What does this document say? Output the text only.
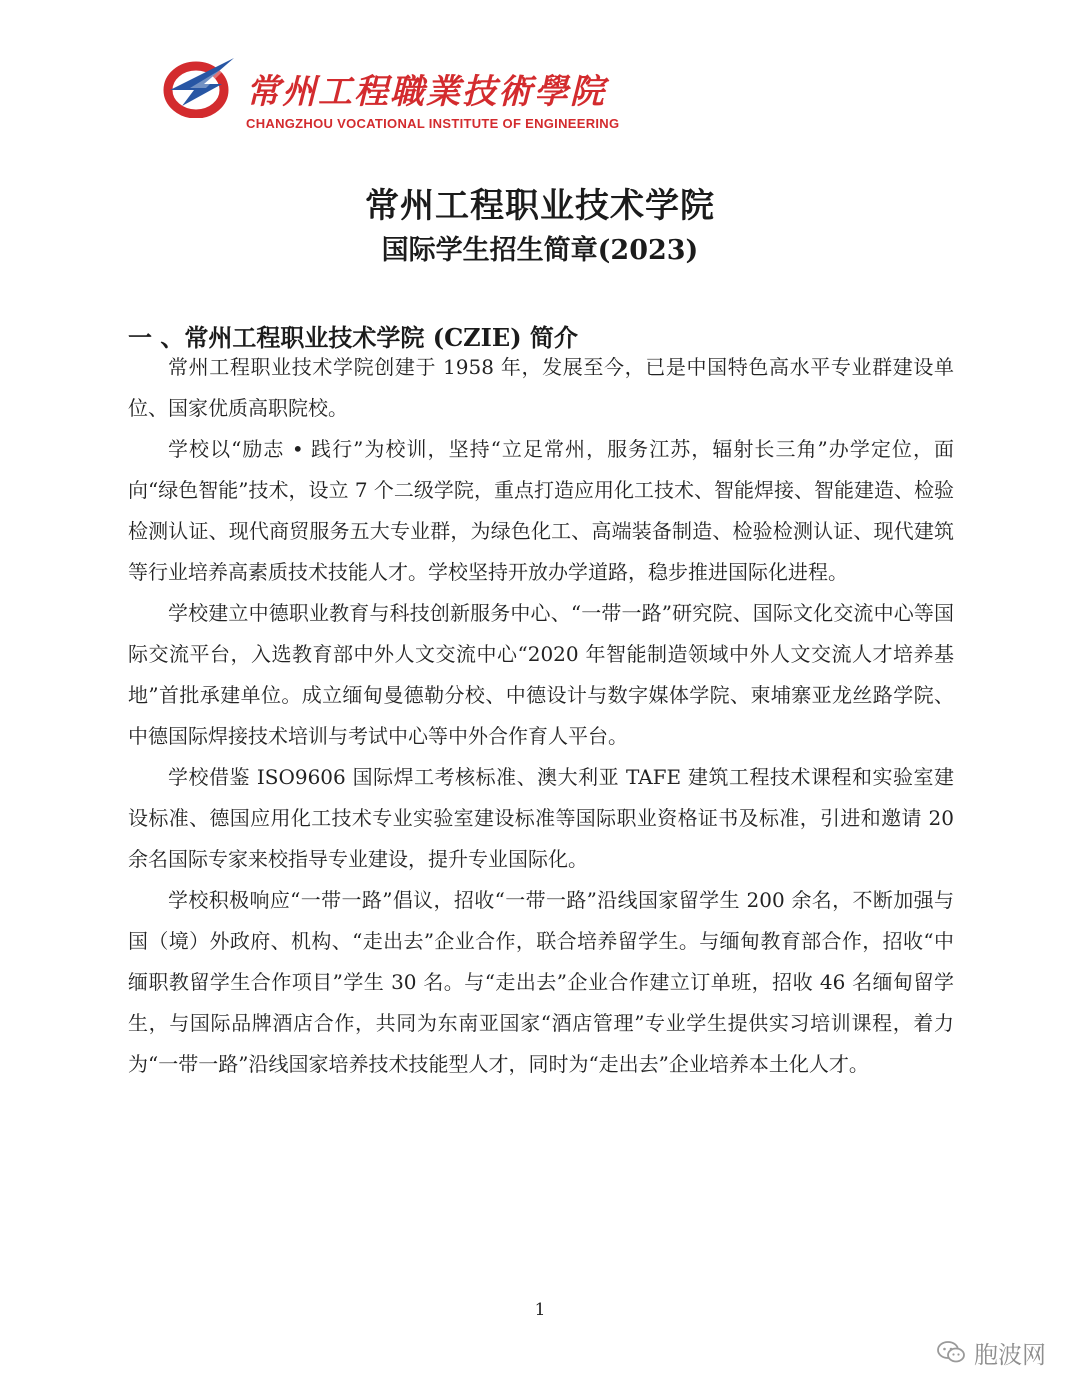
常州工程職業技術學院
CHANGZHOU VOCATIONAL INSTITUTE OF ENGINEERING
常州工程职业技术学院
国际学生招生简章(2023)
一 、常州工程职业技术学院 (CZIE) 简介

常州工程职业技术学院创建于 1958 年，发展至今，已是中国特色高水平专业群建设单位、国家优质高职院校。

学校以“励志 • 践行”为校训，坚持“立足常州，服务江苏，辐射长三角”办学定位，面向“绿色智能”技术，设立 7 个二级学院，重点打造应用化工技术、智能焊接、智能建造、检验检测认证、现代商贸服务五大专业群，为绿色化工、高端装备制造、检验检测认证、现代建筑等行业培养高素质技术技能人才。学校坚持开放办学道路，稳步推进国际化进程。

学校建立中德职业教育与科技创新服务中心、“一带一路”研究院、国际文化交流中心等国际交流平台，入选教育部中外人文交流中心“2020 年智能制造领域中外人文交流人才培养基地”首批承建单位。成立缅甸曼德勒分校、中德设计与数字媒体学院、柬埔寨亚龙丝路学院、中德国际焊接技术培训与考试中心等中外合作育人平台。

学校借鉴 ISO9606 国际焊工考核标准、澳大利亚 TAFE 建筑工程技术课程和实验室建设标准、德国应用化工技术专业实验室建设标准等国际职业资格证书及标准，引进和邀请 20 余名国际专家来校指导专业建设，提升专业国际化。

学校积极响应“一带一路”倡议，招收“一带一路”沿线国家留学生 200 余名，不断加强与国（境）外政府、机构、“走出去”企业合作，联合培养留学生。与缅甸教育部合作，招收“中缅职教留学生合作项目”学生 30 名。与“走出去”企业合作建立订单班，招收 46 名缅甸留学生，与国际品牌酒店合作，共同为东南亚国家“酒店管理”专业学生提供实习培训课程，着力为“一带一路”沿线国家培养技术技能型人才，同时为“走出去”企业培养本土化人才。

1
胞波网
